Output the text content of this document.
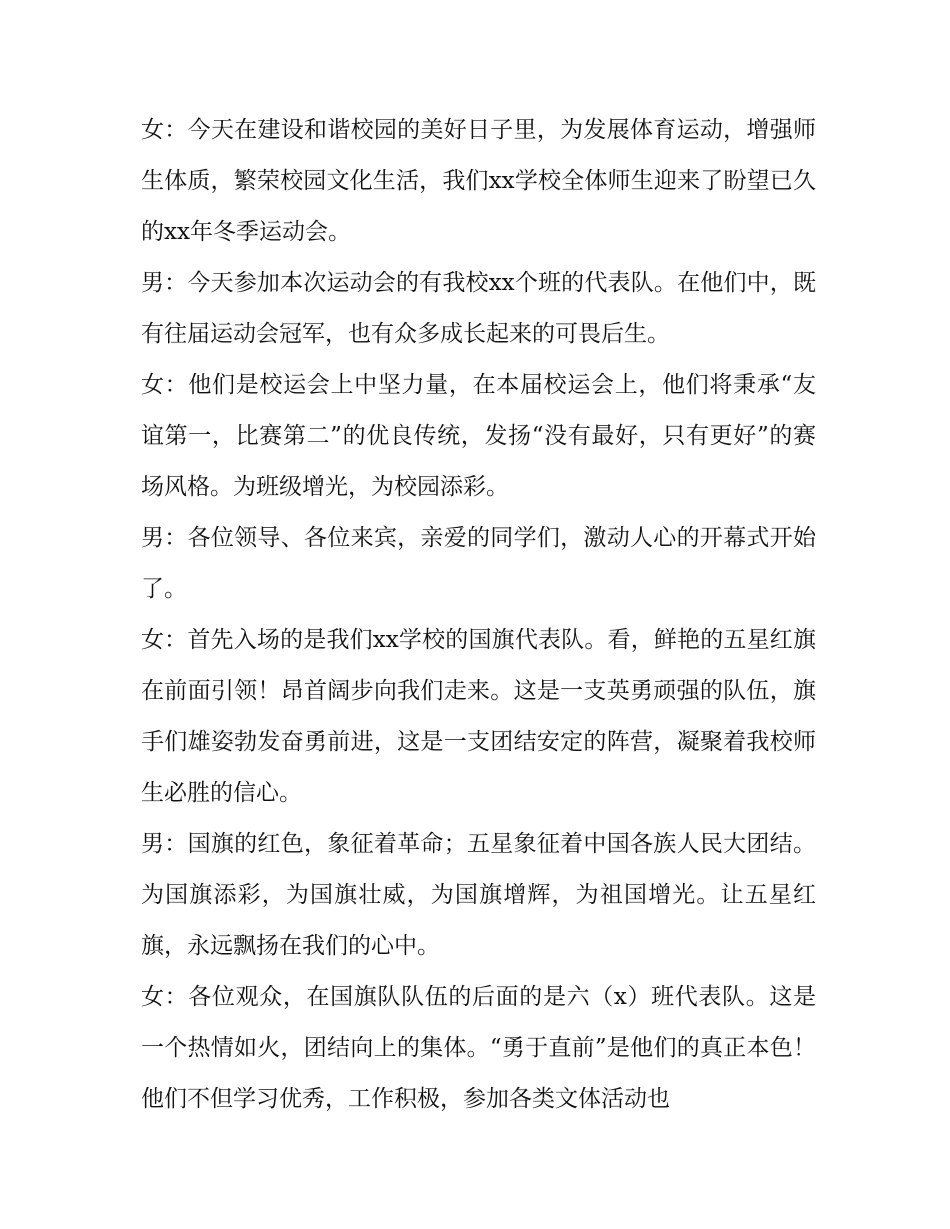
女：今天在建设和谐校园的美好日子里，为发展体育运动，增强师生体质，繁荣校园文化生活，我们xx学校全体师生迎来了盼望已久的xx年冬季运动会。

男：今天参加本次运动会的有我校xx个班的代表队。在他们中，既有往届运动会冠军，也有众多成长起来的可畏后生。

女：他们是校运会上中坚力量，在本届校运会上，他们将秉承“友谊第一，比赛第二”的优良传统，发扬“没有最好，只有更好”的赛场风格。为班级增光，为校园添彩。

男：各位领导、各位来宾，亲爱的同学们，激动人心的开幕式开始了。

女：首先入场的是我们xx学校的国旗代表队。看，鲜艳的五星红旗在前面引领！昂首阔步向我们走来。这是一支英勇顽强的队伍，旗手们雄姿勃发奋勇前进，这是一支团结安定的阵营，凝聚着我校师生必胜的信心。

男：国旗的红色，象征着革命；五星象征着中国各族人民大团结。为国旗添彩，为国旗壮威，为国旗增辉，为祖国增光。让五星红旗，永远飘扬在我们的心中。

女：各位观众，在国旗队队伍的后面的是六（x）班代表队。这是一个热情如火，团结向上的集体。“勇于直前”是他们的真正本色！他们不但学习优秀，工作积极，参加各类文体活动也
